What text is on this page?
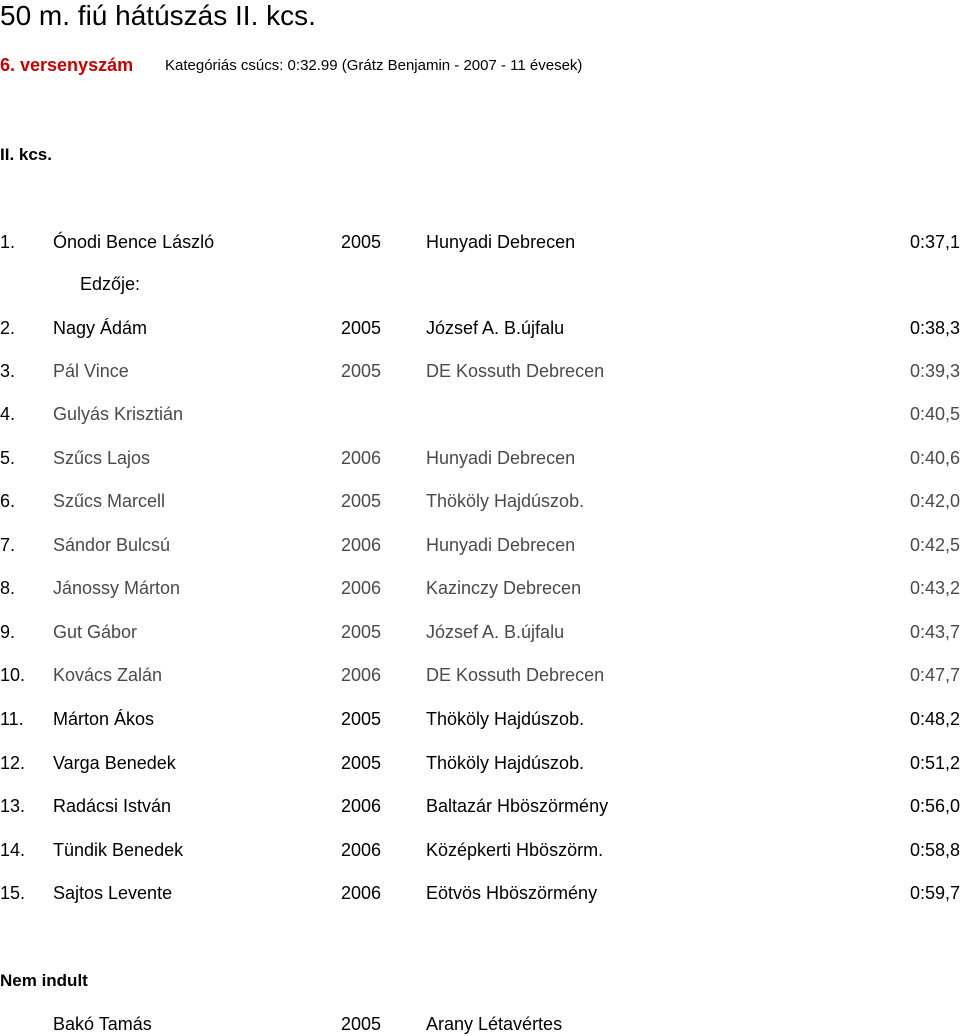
50 m. fiú hátúszás II. kcs.
6. versenyszám Kategóriás csúcs: 0:32.99 (Grátz Benjamin - 2007 - 11 évesek)
II. kcs.
1. Ónodi Bence László	2005 Hunyadi Debrecen	0:37,1
Edzője:
2. Nagy Ádám	2005 József A. B.újfalu	0:38,3
3. Pál Vince	2005 DE Kossuth Debrecen	0:39,3
4. Gulyás Krisztián	0:40,5
5. Szűcs Lajos	2006 Hunyadi Debrecen	0:40,6
6. Szűcs Marcell	2005 Thököly Hajdúszob.	0:42,0
7. Sándor Bulcsú	2006 Hunyadi Debrecen	0:42,5
8. Jánossy Márton	2006 Kazinczy Debrecen	0:43,2
9. Gut Gábor	2005 József A. B.újfalu	0:43,7
10. Kovács Zalán	2006 DE Kossuth Debrecen	0:47,7
11. Márton Ákos	2005 Thököly Hajdúszob.	0:48,2
12. Varga Benedek	2005 Thököly Hajdúszob.	0:51,2
13. Radácsi István	2006 Baltazár Hböszörmény	0:56,0
14. Tündik Benedek	2006 Középkerti Hböszörm.	0:58,8
15. Sajtos Levente	2006 Eötvös Hböszörmény	0:59,7
Nem indult
Bakó Tamás	2005 Arany Létavértes
